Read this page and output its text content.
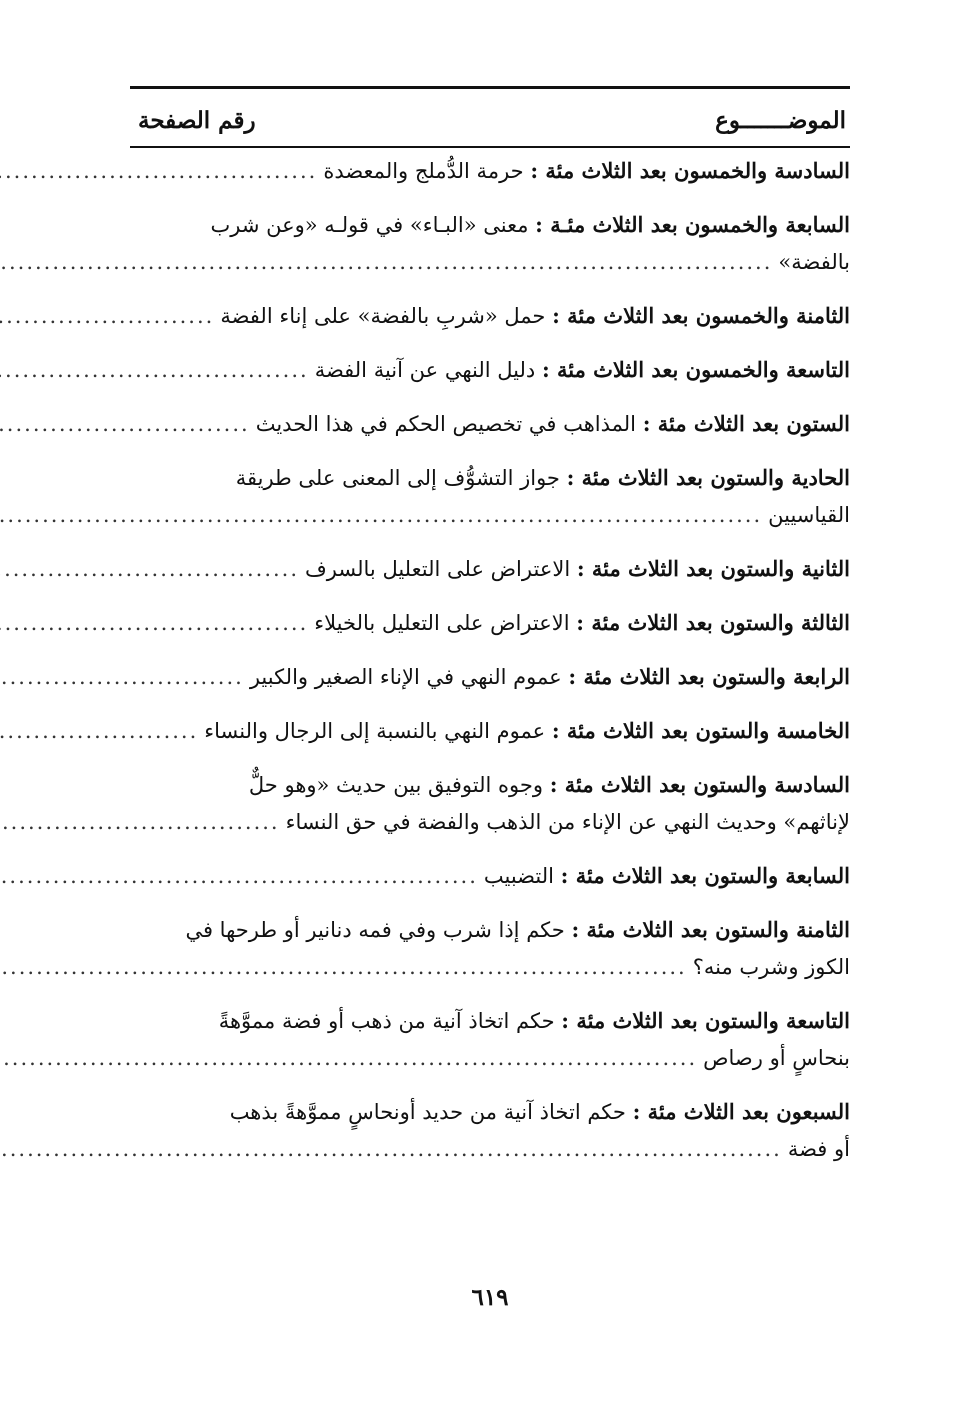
الموضـــــــوع
رقم الصفحة
السادسة والخمسون بعد الثلاث مئة : حرمة الدُّملج والمعضدة
.....
السابعة والخمسون بعد الثلاث مئـة : معنى «البـاء» في قولـه «وعن شرب
بالفضة»
.....
الثامنة والخمسون بعد الثلاث مئة : حمل «شربِ بالفضة» على إناء الفضة
.....
التاسعة والخمسون بعد الثلاث مئة : دليل النهي عن آنية الفضة
.....
الستون بعد الثلاث مئة : المذاهب في تخصيص الحكم في هذا الحديث
.....
الحادية والستون بعد الثلاث مئة : جواز التشوُّف إلى المعنى على طريقة
القياسيين
.....
الثانية والستون بعد الثلاث مئة : الاعتراض على التعليل بالسرف
.....
الثالثة والستون بعد الثلاث مئة : الاعتراض على التعليل بالخيلاء
.....
الرابعة والستون بعد الثلاث مئة : عموم النهي في الإناء الصغير والكبير
.....
الخامسة والستون بعد الثلاث مئة : عموم النهي بالنسبة إلى الرجال والنساء
.....
السادسة والستون بعد الثلاث مئة : وجوه التوفيق بين حديث «وهو حلٌّ
لإناثهم» وحديث النهي عن الإناء من الذهب والفضة في حق النساء
.....
السابعة والستون بعد الثلاث مئة : التضبيب
.....
الثامنة والستون بعد الثلاث مئة : حكم إذا شرب وفي فمه دنانير أو طرحها في
الكوز وشرب منه؟
.....
التاسعة والستون بعد الثلاث مئة : حكم اتخاذ آنية من ذهب أو فضة مموَّهةً
بنحاسٍ أو رصاص
.....
السبعون بعد الثلاث مئة : حكم اتخاذ آنية من حديد أونحاسٍ مموَّهةً بذهب
أو فضة
.....
٦١٩
